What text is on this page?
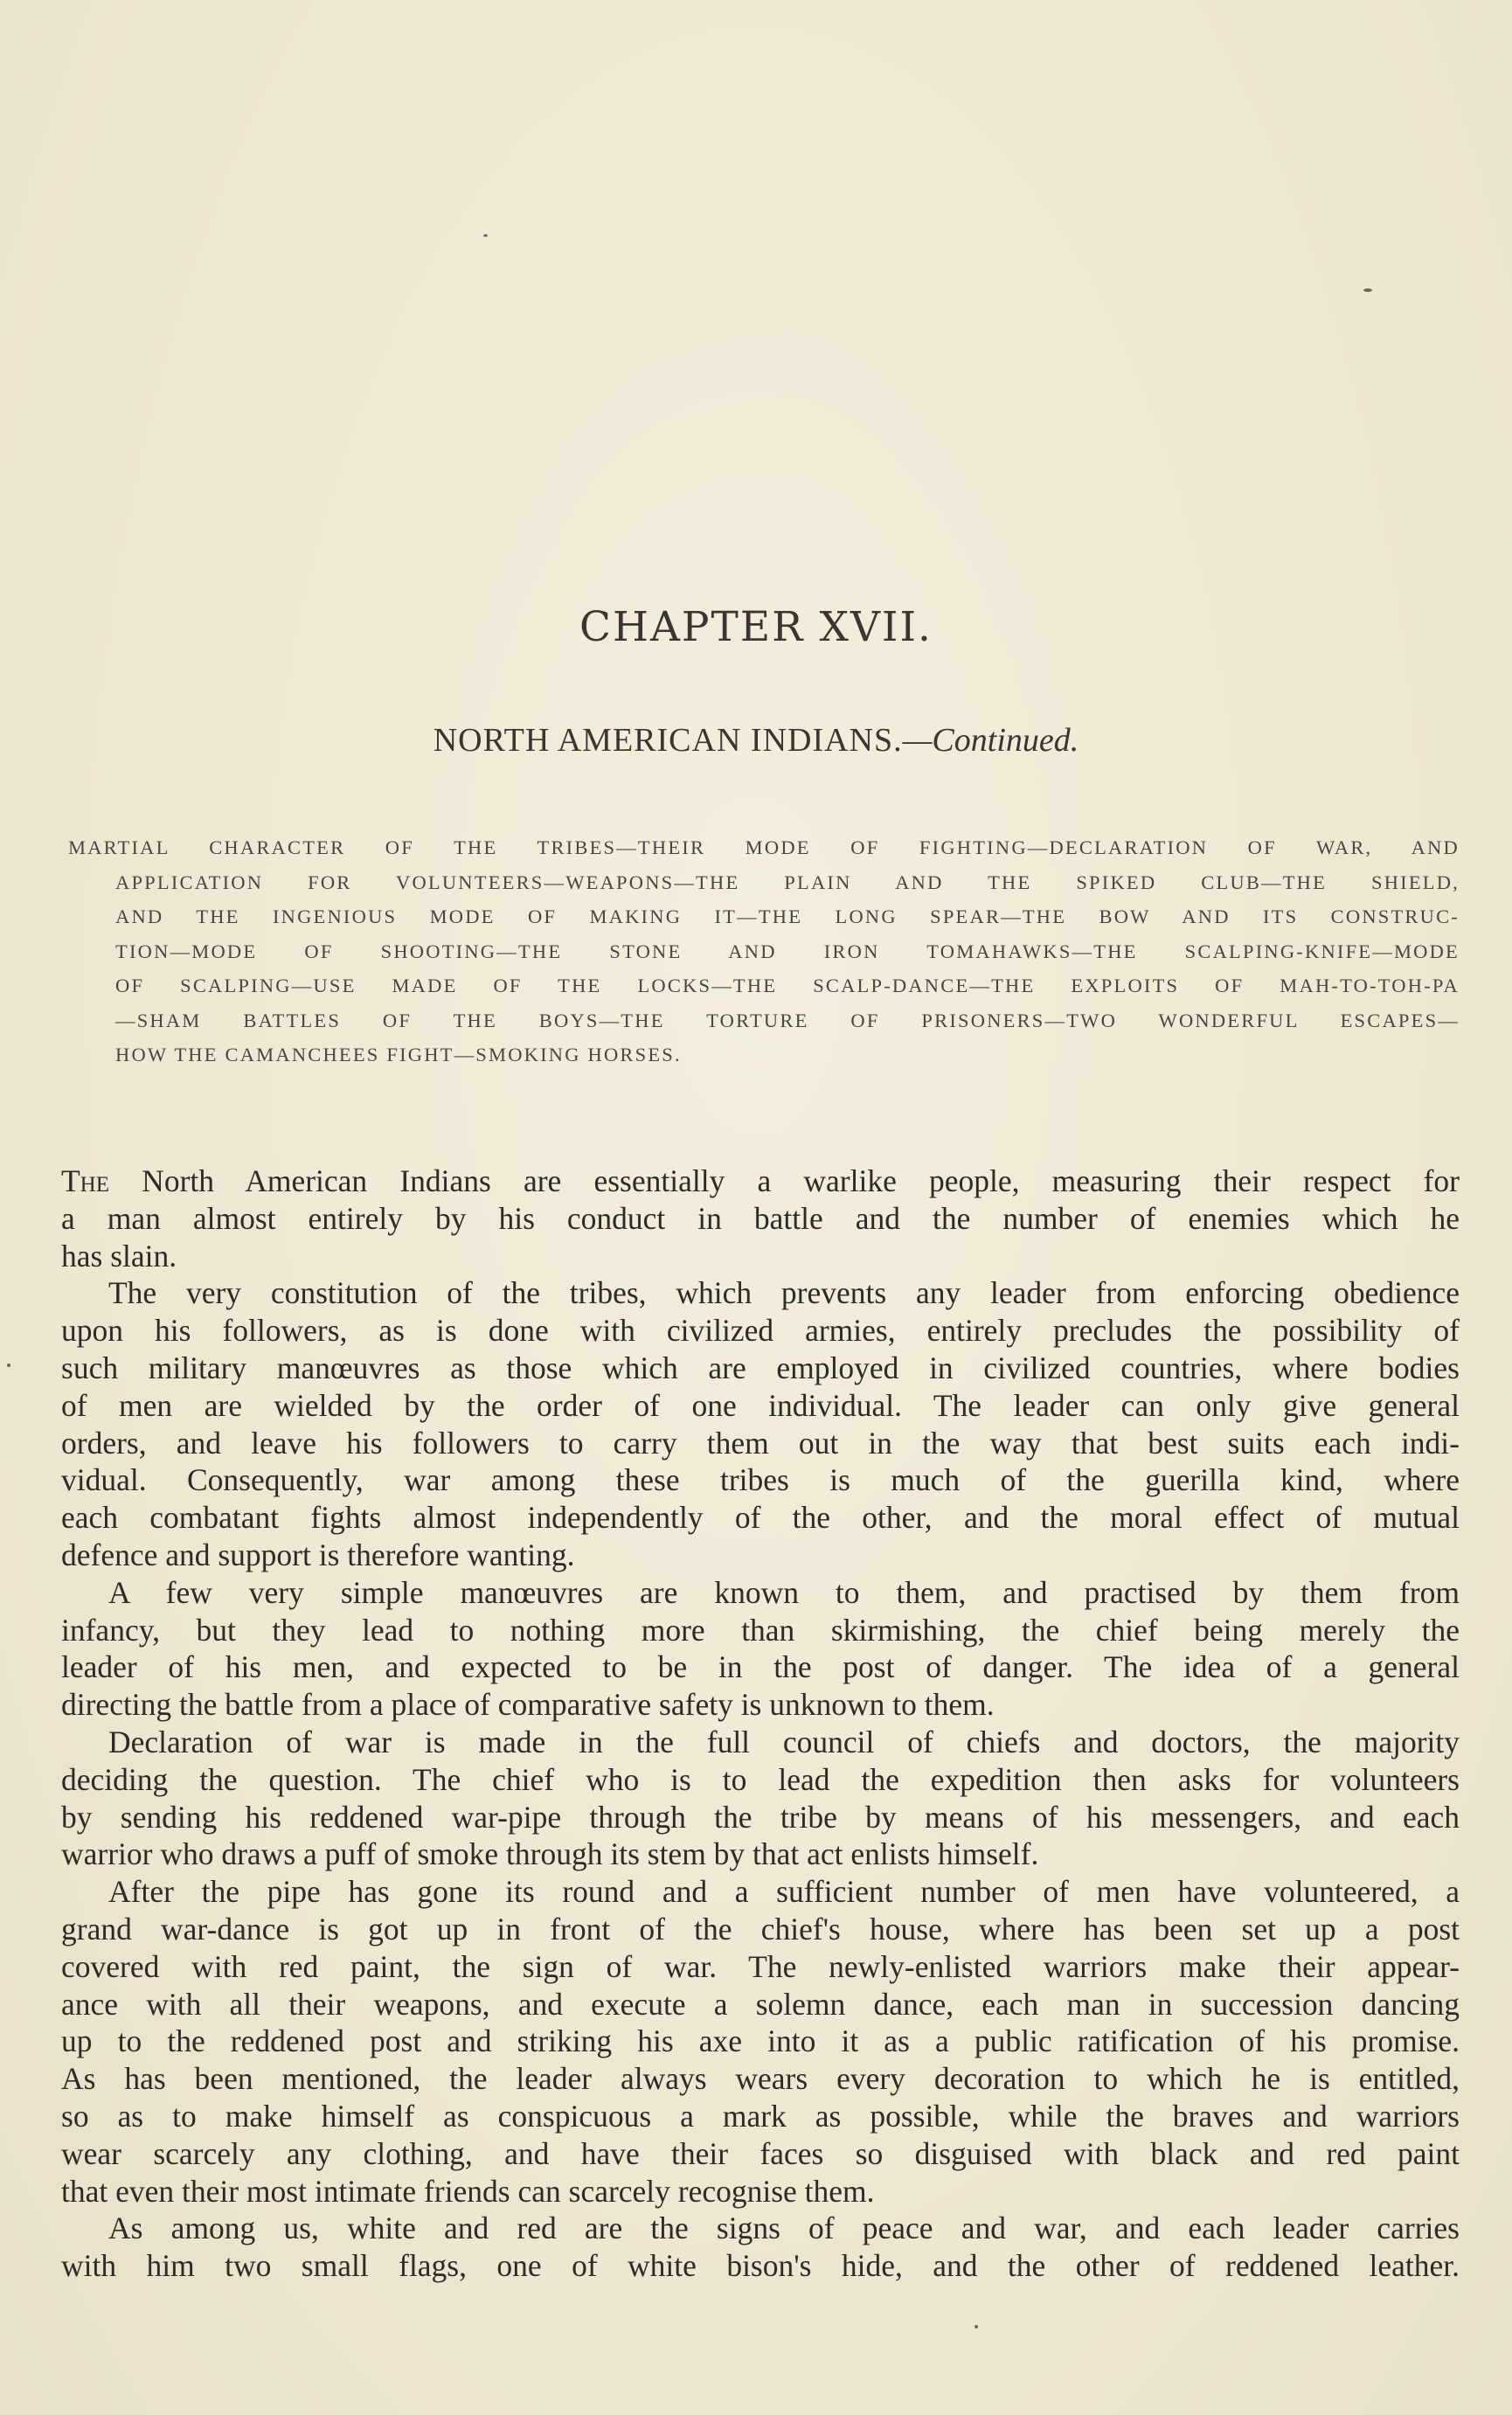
CHAPTER XVII.

NORTH AMERICAN INDIANS.—Continued.

MARTIAL CHARACTER OF THE TRIBES—THEIR MODE OF FIGHTING—DECLARATION OF WAR, AND
APPLICATION FOR VOLUNTEERS—WEAPONS—THE PLAIN AND THE SPIKED CLUB—THE SHIELD,
AND THE INGENIOUS MODE OF MAKING IT—THE LONG SPEAR—THE BOW AND ITS CONSTRUC-
TION—MODE OF SHOOTING—THE STONE AND IRON TOMAHAWKS—THE SCALPING-KNIFE—MODE
OF SCALPING—USE MADE OF THE LOCKS—THE SCALP-DANCE—THE EXPLOITS OF MAH-TO-TOH-PA
—SHAM BATTLES OF THE BOYS—THE TORTURE OF PRISONERS—TWO WONDERFUL ESCAPES—
HOW THE CAMANCHEES FIGHT—SMOKING HORSES.
The North American Indians are essentially a warlike people, measuring their respect for
a man almost entirely by his conduct in battle and the number of enemies which he
has slain.
The very constitution of the tribes, which prevents any leader from enforcing obedience
upon his followers, as is done with civilized armies, entirely precludes the possibility of
such military manœuvres as those which are employed in civilized countries, where bodies
of men are wielded by the order of one individual. The leader can only give general
orders, and leave his followers to carry them out in the way that best suits each indi-
vidual. Consequently, war among these tribes is much of the guerilla kind, where
each combatant fights almost independently of the other, and the moral effect of mutual
defence and support is therefore wanting.
A few very simple manœuvres are known to them, and practised by them from
infancy, but they lead to nothing more than skirmishing, the chief being merely the
leader of his men, and expected to be in the post of danger. The idea of a general
directing the battle from a place of comparative safety is unknown to them.
Declaration of war is made in the full council of chiefs and doctors, the majority
deciding the question. The chief who is to lead the expedition then asks for volunteers
by sending his reddened war-pipe through the tribe by means of his messengers, and each
warrior who draws a puff of smoke through its stem by that act enlists himself.
After the pipe has gone its round and a sufficient number of men have volunteered, a
grand war-dance is got up in front of the chief's house, where has been set up a post
covered with red paint, the sign of war. The newly-enlisted warriors make their appear-
ance with all their weapons, and execute a solemn dance, each man in succession dancing
up to the reddened post and striking his axe into it as a public ratification of his promise.
As has been mentioned, the leader always wears every decoration to which he is entitled,
so as to make himself as conspicuous a mark as possible, while the braves and warriors
wear scarcely any clothing, and have their faces so disguised with black and red paint
that even their most intimate friends can scarcely recognise them.
As among us, white and red are the signs of peace and war, and each leader carries
with him two small flags, one of white bison's hide, and the other of reddened leather.
